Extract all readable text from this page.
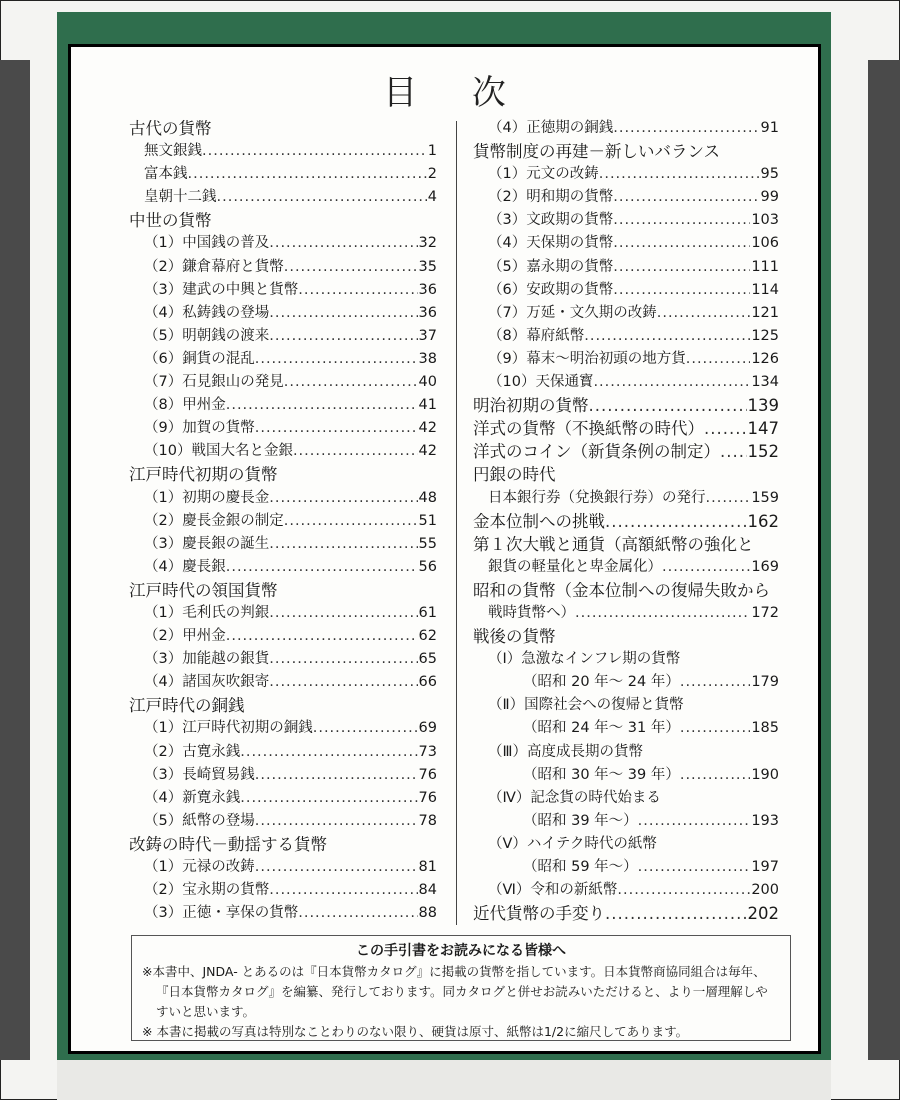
目 次
古代の貨幣
無文銀銭 .....	1
富本銭 .....	2
皇朝十二銭 .....	4
中世の貨幣
（1）中国銭の普及 .....	32
（2）鎌倉幕府と貨幣 .....	35
（3）建武の中興と貨幣 .....	36
（4）私鋳銭の登場 .....	36
（5）明朝銭の渡来 .....	37
（6）銅貨の混乱 .....	38
（7）石見銀山の発見 .....	40
（8）甲州金 .....	41
（9）加賀の貨幣 .....	42
（10）戦国大名と金銀 .....	42
江戸時代初期の貨幣
（1）初期の慶長金 .....	48
（2）慶長金銀の制定 .....	51
（3）慶長銀の誕生 .....	55
（4）慶長銀 .....	56
江戸時代の領国貨幣
（1）毛利氏の判銀 .....	61
（2）甲州金 .....	62
（3）加能越の銀貨 .....	65
（4）諸国灰吹銀寄 .....	66
江戸時代の銅銭
（1）江戸時代初期の銅銭 .....	69
（2）古寛永銭 .....	73
（3）長崎貿易銭 .....	76
（4）新寛永銭 .....	76
（5）紙幣の登場 .....	78
改鋳の時代－動揺する貨幣
（1）元禄の改鋳 .....	81
（2）宝永期の貨幣 .....	84
（3）正徳・享保の貨幣 .....	88
（4）正徳期の銅銭 .....	91
貨幣制度の再建－新しいバランス
（1）元文の改鋳 .....	95
（2）明和期の貨幣 .....	99
（3）文政期の貨幣 .....	103
（4）天保期の貨幣 .....	106
（5）嘉永期の貨幣 .....	111
（6）安政期の貨幣 .....	114
（7）万延・文久期の改鋳 .....	121
（8）幕府紙幣 .....	125
（9）幕末～明治初頭の地方貨 .....	126
（10）天保通寳 .....	134
明治初期の貨幣 .....	139
洋式の貨幣（不換紙幣の時代） .....	147
洋式のコイン（新貨条例の制定） ..... 152
円銀の時代
日本銀行券（兌換銀行券）の発行 .....	159
金本位制への挑戦 .....	162
第１次大戦と通貨（高額紙幣の強化と
銀貨の軽量化と卑金属化） .....	169
昭和の貨幣（金本位制への復帰失敗から
戦時貨幣へ） .....	172
戦後の貨幣
（Ⅰ）急激なインフレ期の貨幣
（昭和 20 年～ 24 年） .....	179
（Ⅱ）国際社会への復帰と貨幣
（昭和 24 年～ 31 年） .....	185
（Ⅲ）高度成長期の貨幣
（昭和 30 年～ 39 年） .....	190
（Ⅳ）記念貨の時代始まる
（昭和 39 年～） .....	193
（Ⅴ）ハイテク時代の紙幣
（昭和 59 年～） .....	197
（Ⅵ）令和の新紙幣 .....	200
近代貨幣の手変り .....	202
この手引書をお読みになる皆様へ

※本書中、JNDA- とあるのは『日本貨幣カタログ』に掲載の貨幣を指しています。日本貨幣商協同組合は毎年、『日本貨幣カタログ』を編纂、発行しております。同カタログと併せお読みいただけると、より一層理解しやすいと思います。

※ 本書に掲載の写真は特別なことわりのない限り、硬貨は原寸、紙幣は1/2に縮尺してあります。
